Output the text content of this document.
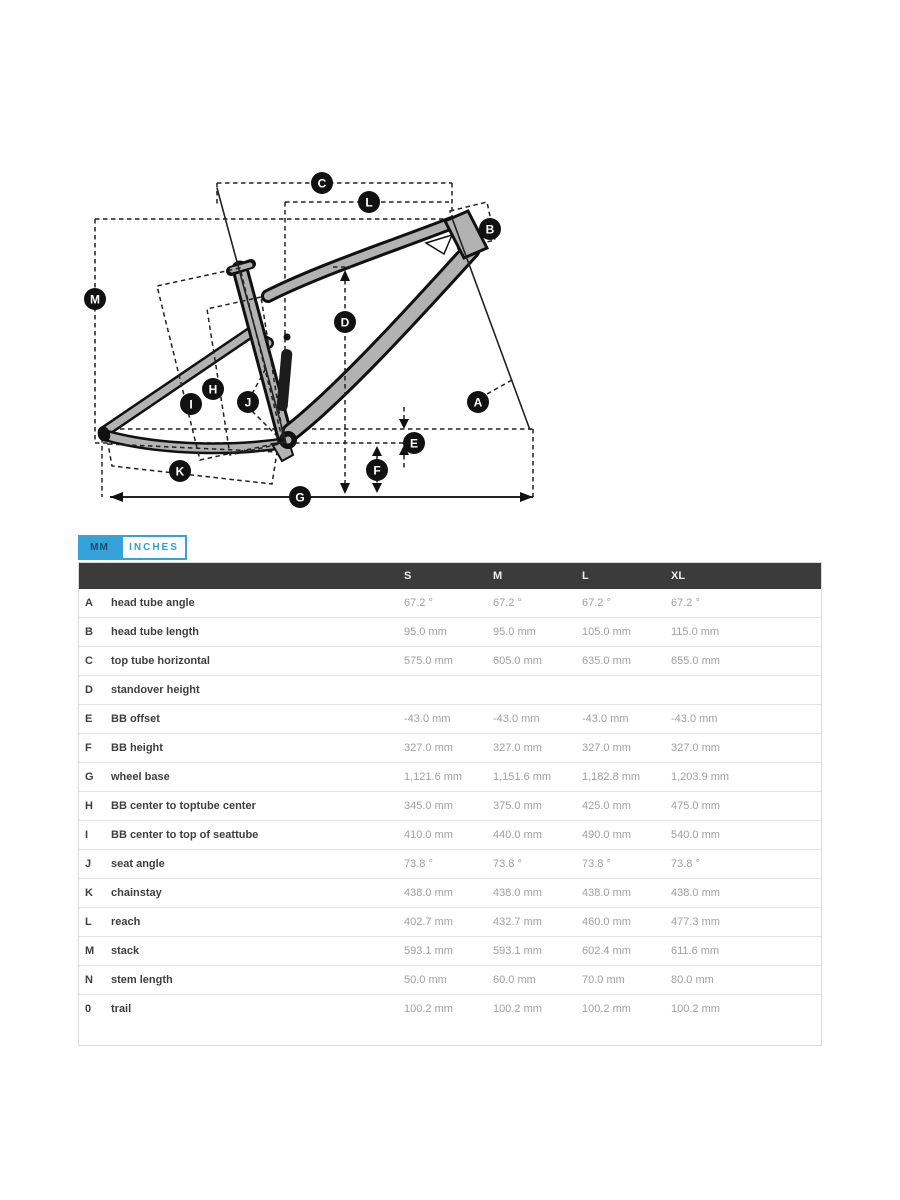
C
L
B
M
D
H
I	J	A
E
F
K
G
MM	INCHES
		S	M	L	XL
A	head tube angle	67.2 °	67.2 °	67.2 °	67.2 °
B	head tube length	95.0 mm	95.0 mm	105.0 mm	115.0 mm
C	top tube horizontal	575.0 mm	605.0 mm	635.0 mm	655.0 mm
D	standover height				
E	BB offset	-43.0 mm	-43.0 mm	-43.0 mm	-43.0 mm
F	BB height	327.0 mm	327.0 mm	327.0 mm	327.0 mm
G	wheel base	1,121.6 mm	1,151.6 mm	1,182.8 mm	1,203.9 mm
H	BB center to toptube center	345.0 mm	375.0 mm	425.0 mm	475.0 mm
I	BB center to top of seattube	410.0 mm	440.0 mm	490.0 mm	540.0 mm
J	seat angle	73.8 °	73.8 °	73.8 °	73.8 °
K	chainstay	438.0 mm	438.0 mm	438.0 mm	438.0 mm
L	reach	402.7 mm	432.7 mm	460.0 mm	477.3 mm
M	stack	593.1 mm	593.1 mm	602.4 mm	611.6 mm
N	stem length	50.0 mm	60.0 mm	70.0 mm	80.0 mm
0	trail	100.2 mm	100.2 mm	100.2 mm	100.2 mm
